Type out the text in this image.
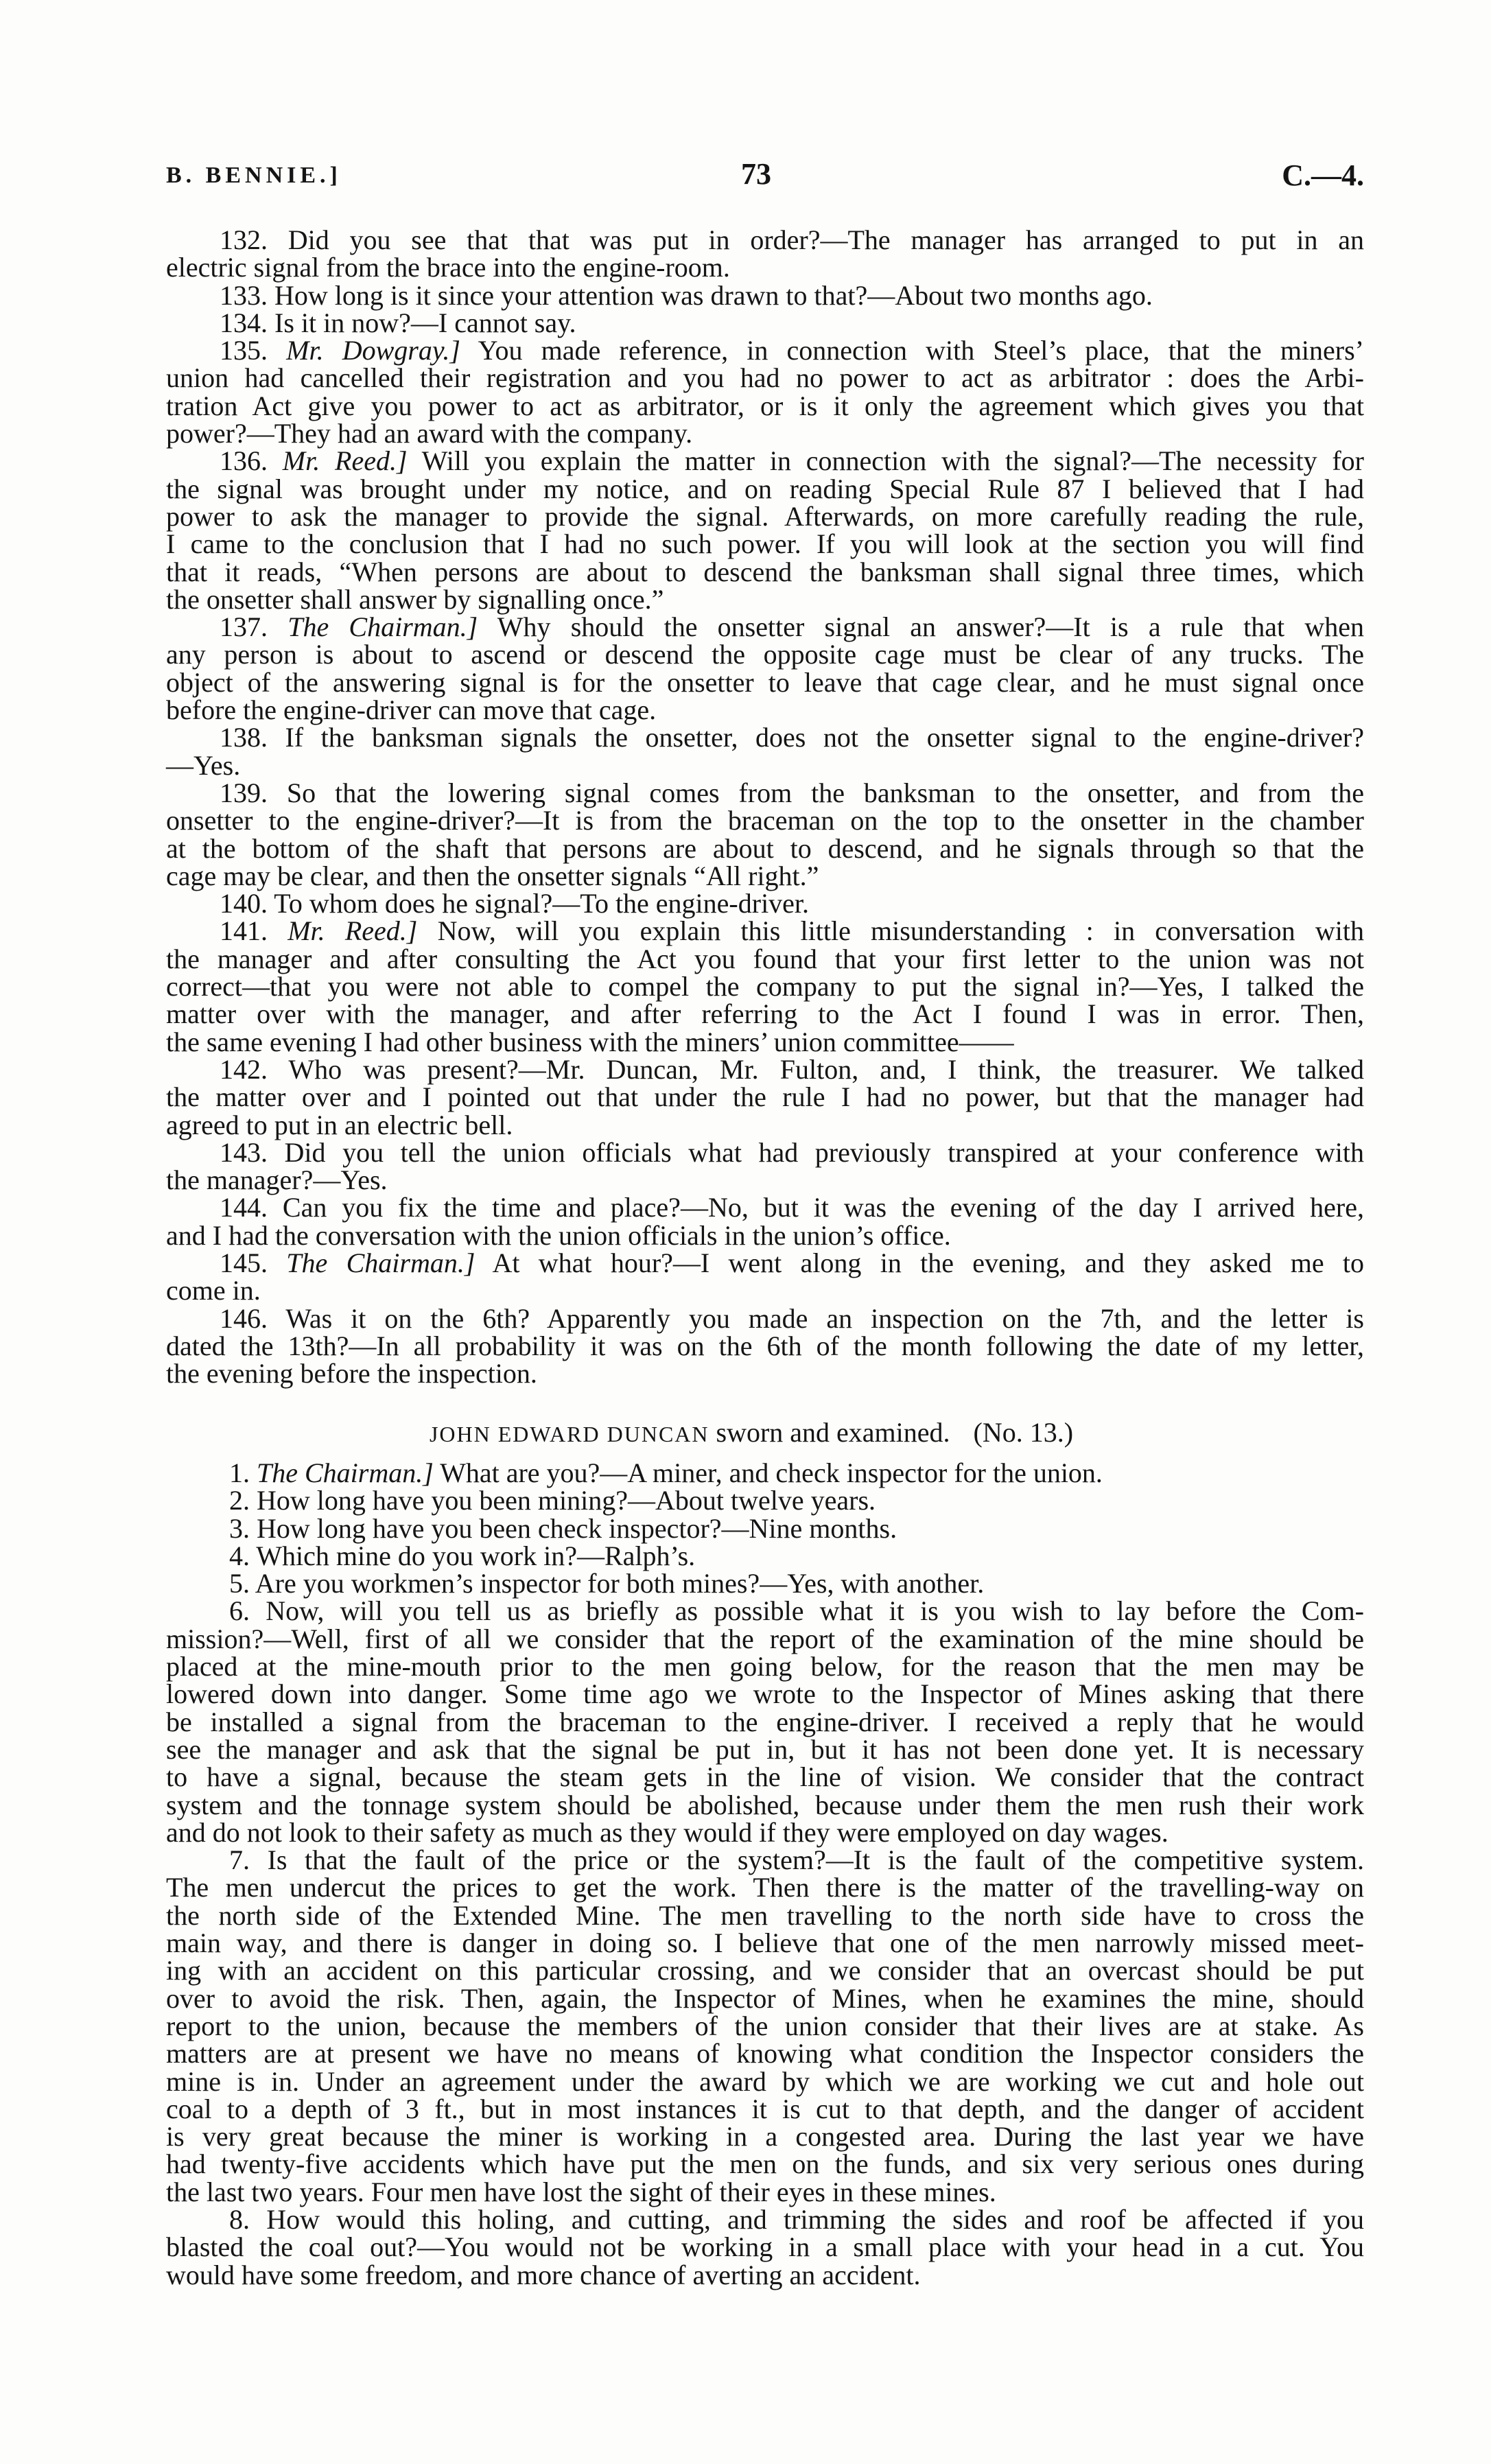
B. BENNIE.]	73	C.—4.
132. Did you see that that was put in order?—The manager has arranged to put in an
electric signal from the brace into the engine-room.
133. How long is it since your attention was drawn to that?—About two months ago.
134. Is it in now?—I cannot say.
135. Mr. Dowgray.] You made reference, in connection with Steel’s place, that the miners’
union had cancelled their registration and you had no power to act as arbitrator : does the Arbi-
tration Act give you power to act as arbitrator, or is it only the agreement which gives you that
power?—They had an award with the company.
136. Mr. Reed.] Will you explain the matter in connection with the signal?—The necessity for
the signal was brought under my notice, and on reading Special Rule 87 I believed that I had
power to ask the manager to provide the signal. Afterwards, on more carefully reading the rule,
I came to the conclusion that I had no such power. If you will look at the section you will find
that it reads, “When persons are about to descend the banksman shall signal three times, which
the onsetter shall answer by signalling once.”
137. The Chairman.] Why should the onsetter signal an answer?—It is a rule that when
any person is about to ascend or descend the opposite cage must be clear of any trucks. The
object of the answering signal is for the onsetter to leave that cage clear, and he must signal once
before the engine-driver can move that cage.
138. If the banksman signals the onsetter, does not the onsetter signal to the engine-driver?
—Yes.
139. So that the lowering signal comes from the banksman to the onsetter, and from the
onsetter to the engine-driver?—It is from the braceman on the top to the onsetter in the chamber
at the bottom of the shaft that persons are about to descend, and he signals through so that the
cage may be clear, and then the onsetter signals “All right.”
140. To whom does he signal?—To the engine-driver.
141. Mr. Reed.] Now, will you explain this little misunderstanding : in conversation with
the manager and after consulting the Act you found that your first letter to the union was not
correct—that you were not able to compel the company to put the signal in?—Yes, I talked the
matter over with the manager, and after referring to the Act I found I was in error. Then,
the same evening I had other business with the miners’ union committee——
142. Who was present?—Mr. Duncan, Mr. Fulton, and, I think, the treasurer. We talked
the matter over and I pointed out that under the rule I had no power, but that the manager had
agreed to put in an electric bell.
143. Did you tell the union officials what had previously transpired at your conference with
the manager?—Yes.
144. Can you fix the time and place?—No, but it was the evening of the day I arrived here,
and I had the conversation with the union officials in the union’s office.
145. The Chairman.] At what hour?—I went along in the evening, and they asked me to
come in.
146. Was it on the 6th? Apparently you made an inspection on the 7th, and the letter is
dated the 13th?—In all probability it was on the 6th of the month following the date of my letter,
the evening before the inspection.
JOHN EDWARD DUNCAN sworn and examined. (No. 13.)
1. The Chairman.] What are you?—A miner, and check inspector for the union.
2. How long have you been mining?—About twelve years.
3. How long have you been check inspector?—Nine months.
4. Which mine do you work in?—Ralph’s.
5. Are you workmen’s inspector for both mines?—Yes, with another.
6. Now, will you tell us as briefly as possible what it is you wish to lay before the Com-
mission?—Well, first of all we consider that the report of the examination of the mine should be
placed at the mine-mouth prior to the men going below, for the reason that the men may be
lowered down into danger. Some time ago we wrote to the Inspector of Mines asking that there
be installed a signal from the braceman to the engine-driver. I received a reply that he would
see the manager and ask that the signal be put in, but it has not been done yet. It is necessary
to have a signal, because the steam gets in the line of vision. We consider that the contract
system and the tonnage system should be abolished, because under them the men rush their work
and do not look to their safety as much as they would if they were employed on day wages.
7. Is that the fault of the price or the system?—It is the fault of the competitive system.
The men undercut the prices to get the work. Then there is the matter of the travelling-way on
the north side of the Extended Mine. The men travelling to the north side have to cross the
main way, and there is danger in doing so. I believe that one of the men narrowly missed meet-
ing with an accident on this particular crossing, and we consider that an overcast should be put
over to avoid the risk. Then, again, the Inspector of Mines, when he examines the mine, should
report to the union, because the members of the union consider that their lives are at stake. As
matters are at present we have no means of knowing what condition the Inspector considers the
mine is in. Under an agreement under the award by which we are working we cut and hole out
coal to a depth of 3 ft., but in most instances it is cut to that depth, and the danger of accident
is very great because the miner is working in a congested area. During the last year we have
had twenty-five accidents which have put the men on the funds, and six very serious ones during
the last two years. Four men have lost the sight of their eyes in these mines.
8. How would this holing, and cutting, and trimming the sides and roof be affected if you
blasted the coal out?—You would not be working in a small place with your head in a cut. You
would have some freedom, and more chance of averting an accident.
